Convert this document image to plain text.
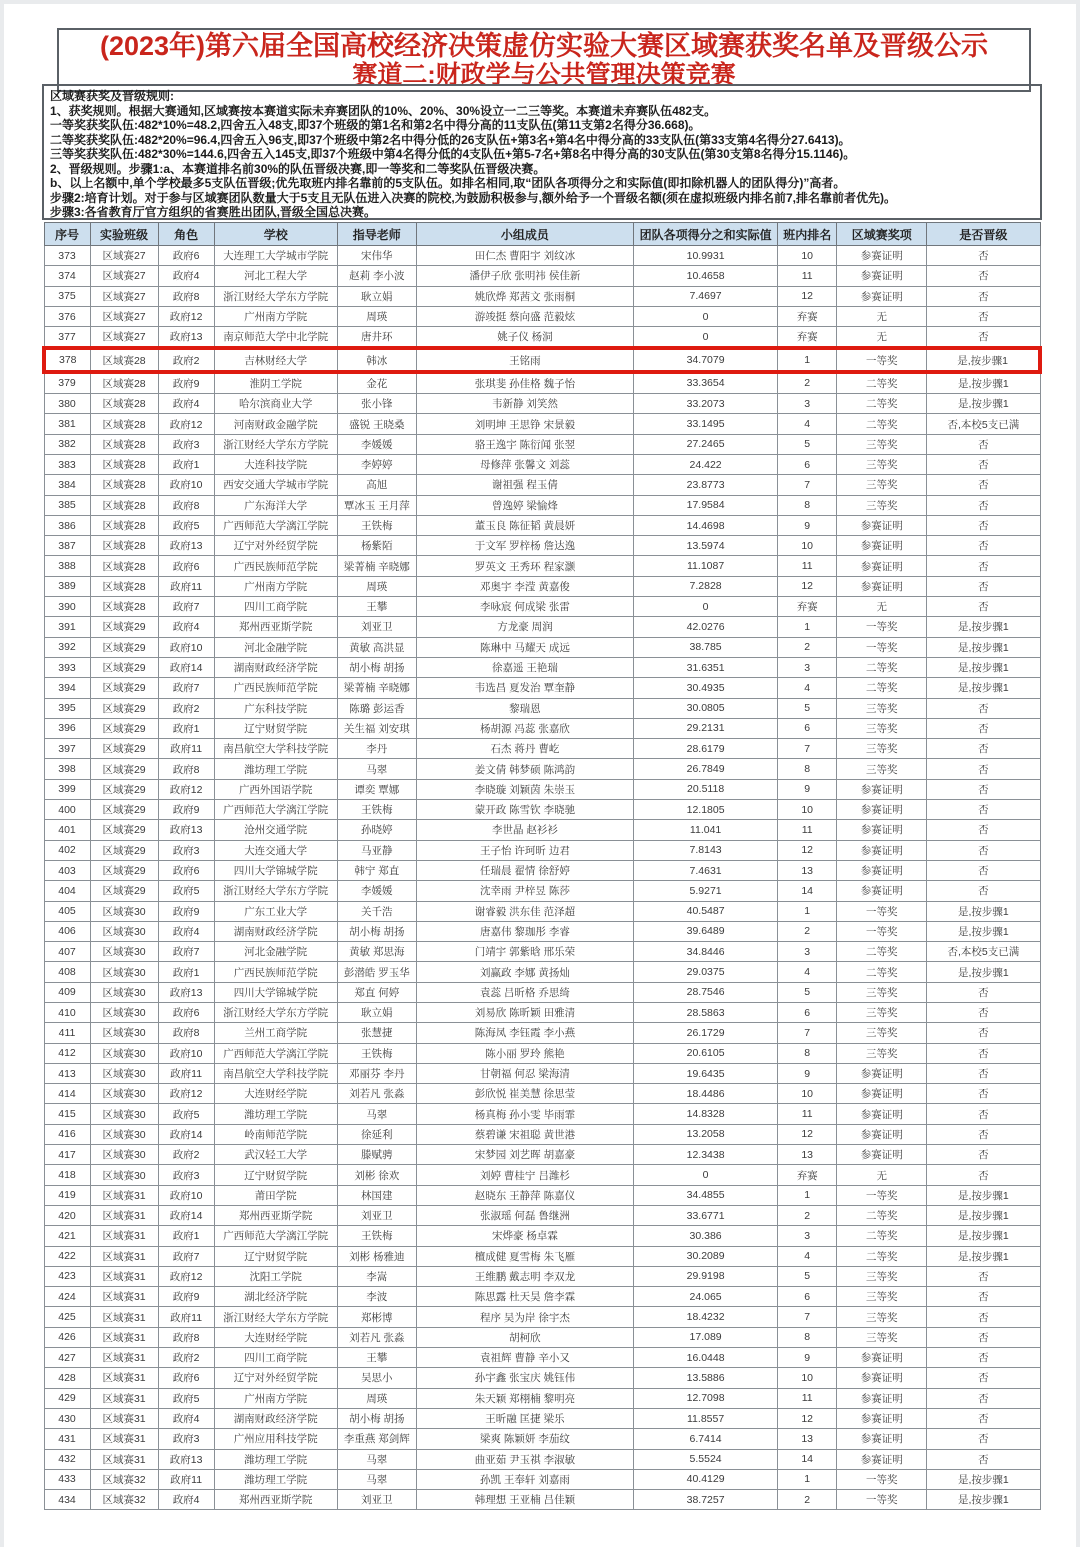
(2023年)第六届全国高校经济决策虚仿实验大赛区域赛获奖名单及晋级公示
赛道二:财政学与公共管理决策竞赛
区域赛获奖及晋级规则:
1、获奖规则。根据大赛通知,区域赛按本赛道实际未弃赛团队的10%、20%、30%设立一二三等奖。本赛道未弃赛队伍482支。
一等奖获奖队伍:482*10%=48.2,四舍五入48支,即37个班级的第1名和第2名中得分高的11支队伍(第11支第2名得分36.668)。
二等奖获奖队伍:482*20%=96.4,四舍五入96支,即37个班级中第2名中得分低的26支队伍+第3名+第4名中得分高的33支队伍(第33支第4名得分27.6413)。
三等奖获奖队伍:482*30%=144.6,四舍五入145支,即37个班级中第4名得分低的4支队伍+第5-7名+第8名中得分高的30支队伍(第30支第8名得分15.1146)。
2、晋级规则。步骤1:a、本赛道排名前30%的队伍晋级决赛,即一等奖和二等奖队伍晋级决赛。
b、以上名额中,单个学校最多5支队伍晋级;优先取班内排名靠前的5支队伍。如排名相同,取“团队各项得分之和实际值(即扣除机器人的团队得分)”高者。
步骤2:培育计划。对于参与区域赛团队数量大于5支且无队伍进入决赛的院校,为鼓励积极参与,额外给予一个晋级名额(须在虚拟班级内排名前7,排名靠前者优先)。
步骤3:各省教育厅官方组织的省赛胜出团队,晋级全国总决赛。
序号	实验班级	角色	学校	指导老师	小组成员	团队各项得分之和实际值	班内排名	区域赛奖项	是否晋级
373	区域赛27	政府6	大连理工大学城市学院	宋伟华	田仁杰 曹阳宇 刘纹冰	10.9931	10	参赛证明	否
374	区域赛27	政府4	河北工程大学	赵莉 李小波	潘伊子欣 张明祎 侯佳新	10.4658	11	参赛证明	否
375	区域赛27	政府8	浙江财经大学东方学院	耿立娟	姚欣烨 郑茜文 张雨桐	7.4697	12	参赛证明	否
376	区域赛27	政府12	广州南方学院	周瑛	游竣挺 蔡向盛 范毅炫	0	弃赛	无	否
377	区域赛27	政府13	南京师范大学中北学院	唐井环	姚子仪 杨洞	0	弃赛	无	否
378	区域赛28	政府2	吉林财经大学	韩冰	王铭雨	34.7079	1	一等奖	是,按步骤1
379	区域赛28	政府9	淮阴工学院	金花	张琪斐 孙佳格 魏子怡	33.3654	2	二等奖	是,按步骤1
380	区域赛28	政府4	哈尔滨商业大学	张小锋	韦新静 刘笑然	33.2073	3	二等奖	是,按步骤1
381	区域赛28	政府12	河南财政金融学院	盛锐 王晓桑	刘明坤 王思铮 宋景毅	33.1495	4	二等奖	否,本校5支已满
382	区域赛28	政府3	浙江财经大学东方学院	李媛媛	骆王逸宇 陈衍闻 张翌	27.2465	5	三等奖	否
383	区域赛28	政府1	大连科技学院	李婷婷	母修萍 张馨文 刘蕊	24.422	6	三等奖	否
384	区域赛28	政府10	西安交通大学城市学院	高旭	谢祖强 程玉倩	23.8773	7	三等奖	否
385	区域赛28	政府8	广东海洋大学	覃冰玉 王月萍	曾逸婷 梁愉烽	17.9584	8	三等奖	否
386	区域赛28	政府5	广西师范大学漓江学院	王铁梅	董玉良 陈征韬 黄晨妍	14.4698	9	参赛证明	否
387	区域赛28	政府13	辽宁对外经贸学院	杨紫陌	于文军 罗梓杨 詹达逸	13.5974	10	参赛证明	否
388	区域赛28	政府6	广西民族师范学院	梁菁楠 辛晓娜	罗英文 王秀环 程家灏	11.1087	11	参赛证明	否
389	区域赛28	政府11	广州南方学院	周瑛	邓奥宇 李滢 黄嘉俊	7.2828	12	参赛证明	否
390	区域赛28	政府7	四川工商学院	王攀	李咏宸 何成梁 张雷	0	弃赛	无	否
391	区域赛29	政府4	郑州西亚斯学院	刘亚卫	方龙豪 周润	42.0276	1	一等奖	是,按步骤1
392	区域赛29	政府10	河北金融学院	黄敏 高洪显	陈琳中 马耀天 成远	38.785	2	一等奖	是,按步骤1
393	区域赛29	政府14	湖南财政经济学院	胡小梅 胡扬	徐嘉遥 王艳瑞	31.6351	3	二等奖	是,按步骤1
394	区域赛29	政府7	广西民族师范学院	梁菁楠 辛晓娜	韦选昌 夏发治 覃奎静	30.4935	4	二等奖	是,按步骤1
395	区域赛29	政府2	广东科技学院	陈璐 彭运香	黎瑞恩	30.0805	5	三等奖	否
396	区域赛29	政府1	辽宁财贸学院	关生福 刘安琪	杨胡源 冯蕊 张嘉欣	29.2131	6	三等奖	否
397	区域赛29	政府11	南昌航空大学科技学院	李丹	石杰 蒋丹 曹屹	28.6179	7	三等奖	否
398	区域赛29	政府8	潍坊理工学院	马翠	姜文倩 韩梦硕 陈鸿韵	26.7849	8	三等奖	否
399	区域赛29	政府12	广西外国语学院	谭奕 覃娜	李晓璇 刘颖茵 朱崇玉	20.5118	9	参赛证明	否
400	区域赛29	政府9	广西师范大学漓江学院	王铁梅	蒙开政 陈雪钦 李晓驰	12.1805	10	参赛证明	否
401	区域赛29	政府13	沧州交通学院	孙晓婷	李世晶 赵衫衫	11.041	11	参赛证明	否
402	区域赛29	政府3	大连交通大学	马亚静	王子怡 许珂昕 边君	7.8143	12	参赛证明	否
403	区域赛29	政府6	四川大学锦城学院	韩宁 郑直	任瑞晨 翟情 徐舒婷	7.4631	13	参赛证明	否
404	区域赛29	政府5	浙江财经大学东方学院	李媛媛	沈幸雨 尹梓昱 陈莎	5.9271	14	参赛证明	否
405	区域赛30	政府9	广东工业大学	关千浩	谢睿毅 洪东佳 范泽超	40.5487	1	一等奖	是,按步骤1
406	区域赛30	政府4	湖南财政经济学院	胡小梅 胡扬	唐嘉伟 黎珈彤 李睿	39.6489	2	一等奖	是,按步骤1
407	区域赛30	政府7	河北金融学院	黄敏 郑思海	门靖宇 郭紫晗 邢乐荣	34.8446	3	二等奖	否,本校5支已满
408	区域赛30	政府1	广西民族师范学院	彭潜皓 罗玉华	刘赢政 李娜 黄扬灿	29.0375	4	二等奖	是,按步骤1
409	区域赛30	政府13	四川大学锦城学院	郑直 何婷	袁蕊 吕昕格 乔思绮	28.7546	5	三等奖	否
410	区域赛30	政府6	浙江财经大学东方学院	耿立娟	刘易欣 陈昕颖 田雅清	28.5863	6	三等奖	否
411	区域赛30	政府8	兰州工商学院	张慧捷	陈海凤 李钰霞 李小燕	26.1729	7	三等奖	否
412	区域赛30	政府10	广西师范大学漓江学院	王铁梅	陈小丽 罗玲 熊艳	20.6105	8	三等奖	否
413	区域赛30	政府11	南昌航空大学科技学院	邓丽芬 李丹	甘朝福 何忍 梁海清	19.6435	9	参赛证明	否
414	区域赛30	政府12	大连财经学院	刘若凡 张淼	彭欣悦 崔美慧 徐思莹	18.4486	10	参赛证明	否
415	区域赛30	政府5	潍坊理工学院	马翠	杨真梅 孙小雯 毕雨霏	14.8328	11	参赛证明	否
416	区域赛30	政府14	岭南师范学院	徐延利	蔡碧谦 宋祖聪 黄世港	13.2058	12	参赛证明	否
417	区域赛30	政府2	武汉轻工大学	滕赋骋	宋梦园 刘艺晖 胡嘉豪	12.3438	13	参赛证明	否
418	区域赛30	政府3	辽宁财贸学院	刘彬 徐欢	刘婷 曹桂宁 吕潍杉	0	弃赛	无	否
419	区域赛31	政府10	莆田学院	林国建	赵晓东 王静萍 陈嘉仪	34.4855	1	一等奖	是,按步骤1
420	区域赛31	政府14	郑州西亚斯学院	刘亚卫	张淑瑶 何磊 鲁继洲	33.6771	2	二等奖	是,按步骤1
421	区域赛31	政府1	广西师范大学漓江学院	王铁梅	宋烨豪 杨卓霖	30.386	3	二等奖	是,按步骤1
422	区域赛31	政府7	辽宁财贸学院	刘彬 杨雅迪	檀成健 夏雪梅 朱飞雁	30.2089	4	二等奖	是,按步骤1
423	区域赛31	政府12	沈阳工学院	李嵩	王维鹏 戴志明 李双龙	29.9198	5	三等奖	否
424	区域赛31	政府9	湖北经济学院	李波	陈思露 杜天昊 詹李霖	24.065	6	三等奖	否
425	区域赛31	政府11	浙江财经大学东方学院	郑彬博	程序 吴为岸 徐宇杰	18.4232	7	三等奖	否
426	区域赛31	政府8	大连财经学院	刘若凡 张淼	胡柯欣	17.089	8	三等奖	否
427	区域赛31	政府2	四川工商学院	王攀	袁祖辉 曹静 辛小又	16.0448	9	参赛证明	否
428	区域赛31	政府6	辽宁对外经贸学院	吴思小	孙宇鑫 张宝庆 姚钰伟	13.5886	10	参赛证明	否
429	区域赛31	政府5	广州南方学院	周瑛	朱天颖 郑栩楠 黎明亮	12.7098	11	参赛证明	否
430	区域赛31	政府4	湖南财政经济学院	胡小梅 胡扬	王昕融 匡捷 梁乐	11.8557	12	参赛证明	否
431	区域赛31	政府3	广州应用科技学院	李重燕 郑剑辉	梁爽 陈颖妍 李茄纹	6.7414	13	参赛证明	否
432	区域赛31	政府13	潍坊理工学院	马翠	曲亚茹 尹玉祺 李淑敏	5.5524	14	参赛证明	否
433	区域赛32	政府11	潍坊理工学院	马翠	孙凯 王奉轩 刘嘉雨	40.4129	1	一等奖	是,按步骤1
434	区域赛32	政府4	郑州西亚斯学院	刘亚卫	韩理想 王亚楠 吕佳颖	38.7257	2	一等奖	是,按步骤1
